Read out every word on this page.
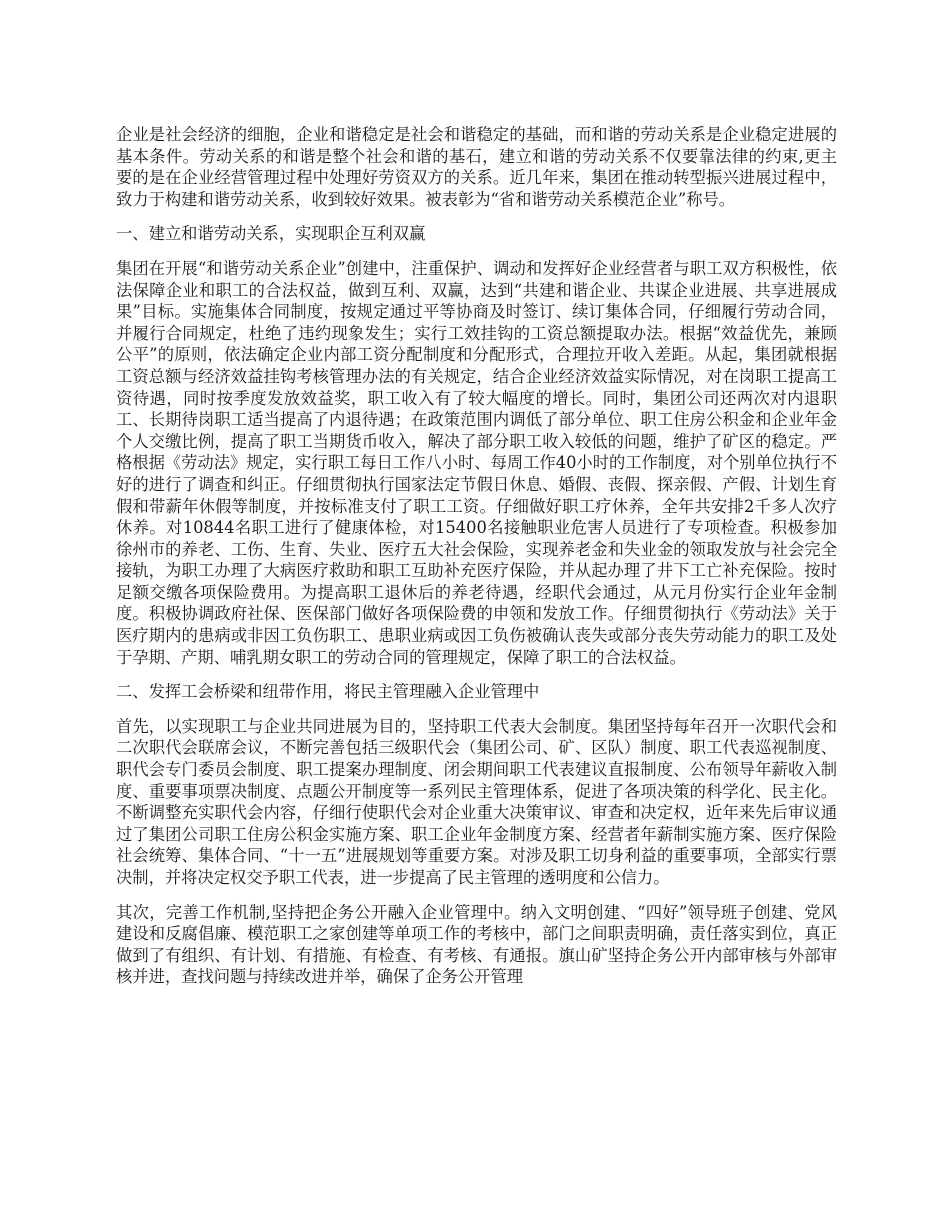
企业是社会经济的细胞，企业和谐稳定是社会和谐稳定的基础，而和谐的劳动关系是企业稳定进展的基本条件。劳动关系的和谐是整个社会和谐的基石，建立和谐的劳动关系不仅要靠法律的约束,更主要的是在企业经营管理过程中处理好劳资双方的关系。近几年来，集团在推动转型振兴进展过程中，致力于构建和谐劳动关系，收到较好效果。被表彰为“省和谐劳动关系模范企业”称号。

一、建立和谐劳动关系，实现职企互利双赢

集团在开展“和谐劳动关系企业”创建中，注重保护、调动和发挥好企业经营者与职工双方积极性，依法保障企业和职工的合法权益，做到互利、双赢，达到“共建和谐企业、共谋企业进展、共享进展成果”目标。实施集体合同制度，按规定通过平等协商及时签订、续订集体合同，仔细履行劳动合同，并履行合同规定，杜绝了违约现象发生；实行工效挂钩的工资总额提取办法。根据“效益优先，兼顾公平”的原则，依法确定企业内部工资分配制度和分配形式，合理拉开收入差距。从起，集团就根据工资总额与经济效益挂钩考核管理办法的有关规定，结合企业经济效益实际情况，对在岗职工提高工资待遇，同时按季度发放效益奖，职工收入有了较大幅度的增长。同时，集团公司还两次对内退职工、长期待岗职工适当提高了内退待遇；在政策范围内调低了部分单位、职工住房公积金和企业年金个人交缴比例，提高了职工当期货币收入，解决了部分职工收入较低的问题，维护了矿区的稳定。严格根据《劳动法》规定，实行职工每日工作八小时、每周工作40小时的工作制度，对个别单位执行不好的进行了调查和纠正。仔细贯彻执行国家法定节假日休息、婚假、丧假、探亲假、产假、计划生育假和带薪年休假等制度，并按标准支付了职工工资。仔细做好职工疗休养，全年共安排2千多人次疗休养。对10844名职工进行了健康体检，对15400名接触职业危害人员进行了专项检查。积极参加徐州市的养老、工伤、生育、失业、医疗五大社会保险，实现养老金和失业金的领取发放与社会完全接轨，为职工办理了大病医疗救助和职工互助补充医疗保险，并从起办理了井下工亡补充保险。按时足额交缴各项保险费用。为提高职工退休后的养老待遇，经职代会通过，从元月份实行企业年金制度。积极协调政府社保、医保部门做好各项保险费的申领和发放工作。仔细贯彻执行《劳动法》关于医疗期内的患病或非因工负伤职工、患职业病或因工负伤被确认丧失或部分丧失劳动能力的职工及处于孕期、产期、哺乳期女职工的劳动合同的管理规定，保障了职工的合法权益。

二、发挥工会桥梁和纽带作用，将民主管理融入企业管理中

首先，以实现职工与企业共同进展为目的，坚持职工代表大会制度。集团坚持每年召开一次职代会和二次职代会联席会议，不断完善包括三级职代会（集团公司、矿、区队）制度、职工代表巡视制度、职代会专门委员会制度、职工提案办理制度、闭会期间职工代表建议直报制度、公布领导年薪收入制度、重要事项票决制度、点题公开制度等一系列民主管理体系，促进了各项决策的科学化、民主化。不断调整充实职代会内容，仔细行使职代会对企业重大决策审议、审查和决定权，近年来先后审议通过了集团公司职工住房公积金实施方案、职工企业年金制度方案、经营者年薪制实施方案、医疗保险社会统筹、集体合同、“十一五”进展规划等重要方案。对涉及职工切身利益的重要事项，全部实行票决制，并将决定权交予职工代表，进一步提高了民主管理的透明度和公信力。

其次，完善工作机制,坚持把企务公开融入企业管理中。纳入文明创建、“四好”领导班子创建、党风建设和反腐倡廉、模范职工之家创建等单项工作的考核中，部门之间职责明确，责任落实到位，真正做到了有组织、有计划、有措施、有检查、有考核、有通报。旗山矿坚持企务公开内部审核与外部审核并进，查找问题与持续改进并举，确保了企务公开管理
